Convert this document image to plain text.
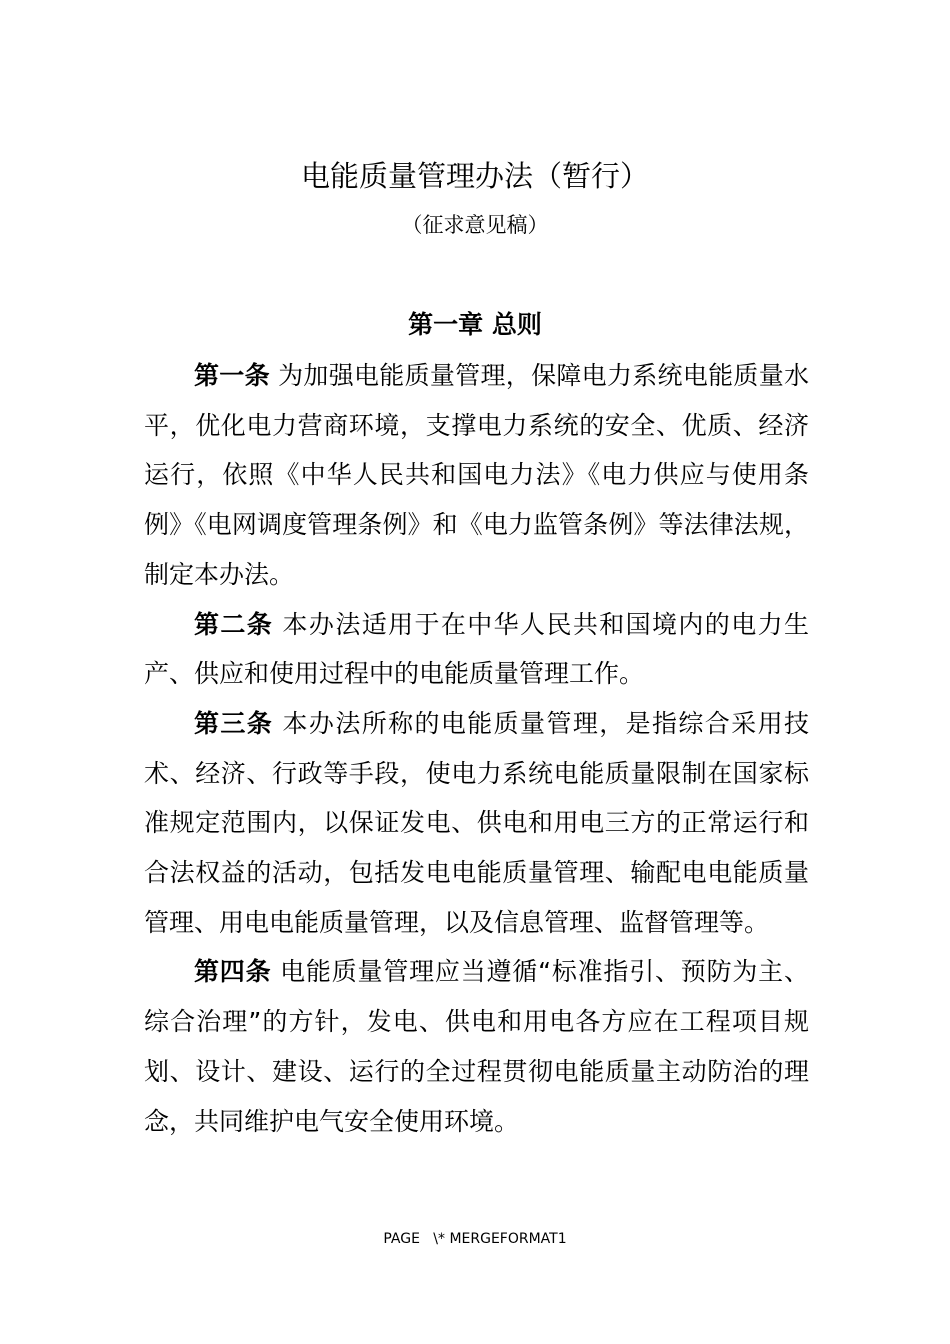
电能质量管理办法（暂行）
（征求意见稿）
第一章 总则

第一条 为加强电能质量管理，保障电力系统电能质量水平，优化电力营商环境，支撑电力系统的安全、优质、经济运行，依照《中华人民共和国电力法》《电力供应与使用条例》《电网调度管理条例》和《电力监管条例》等法律法规，制定本办法。

第二条 本办法适用于在中华人民共和国境内的电力生产、供应和使用过程中的电能质量管理工作。

第三条 本办法所称的电能质量管理，是指综合采用技术、经济、行政等手段，使电力系统电能质量限制在国家标准规定范围内，以保证发电、供电和用电三方的正常运行和合法权益的活动，包括发电电能质量管理、输配电电能质量管理、用电电能质量管理，以及信息管理、监督管理等。

第四条 电能质量管理应当遵循“标准指引、预防为主、综合治理”的方针，发电、供电和用电各方应在工程项目规划、设计、建设、运行的全过程贯彻电能质量主动防治的理念，共同维护电气安全使用环境。

PAGE   \* MERGEFORMAT1
